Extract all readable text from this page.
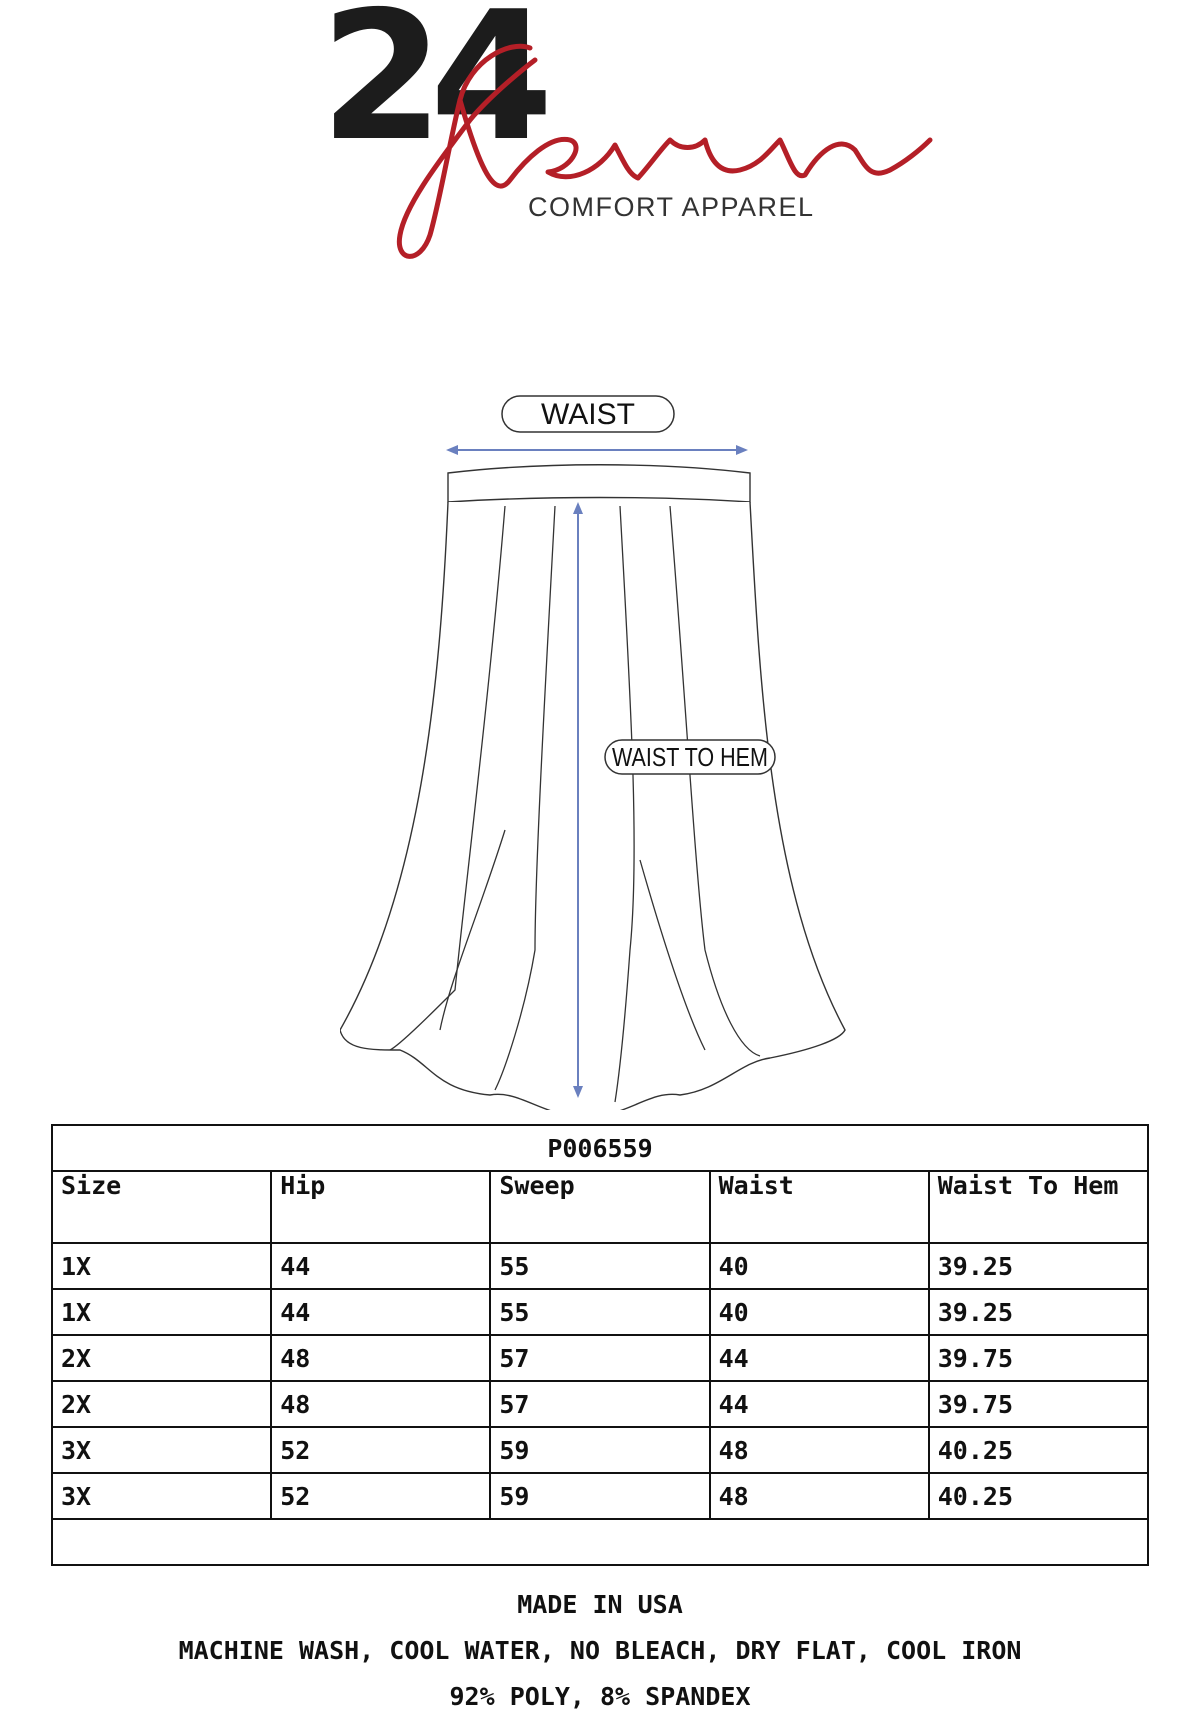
24
COMFORT APPAREL
WAIST
WAIST TO HEM
P006559				
Size	Hip	Sweep	Waist	Waist To Hem
1X	44	55	40	39.25
1X	44	55	40	39.25
2X	48	57	44	39.75
2X	48	57	44	39.75
3X	52	59	48	40.25
3X	52	59	48	40.25

MADE IN USA
MACHINE WASH, COOL WATER, NO BLEACH, DRY FLAT, COOL IRON
92% POLY, 8% SPANDEX
